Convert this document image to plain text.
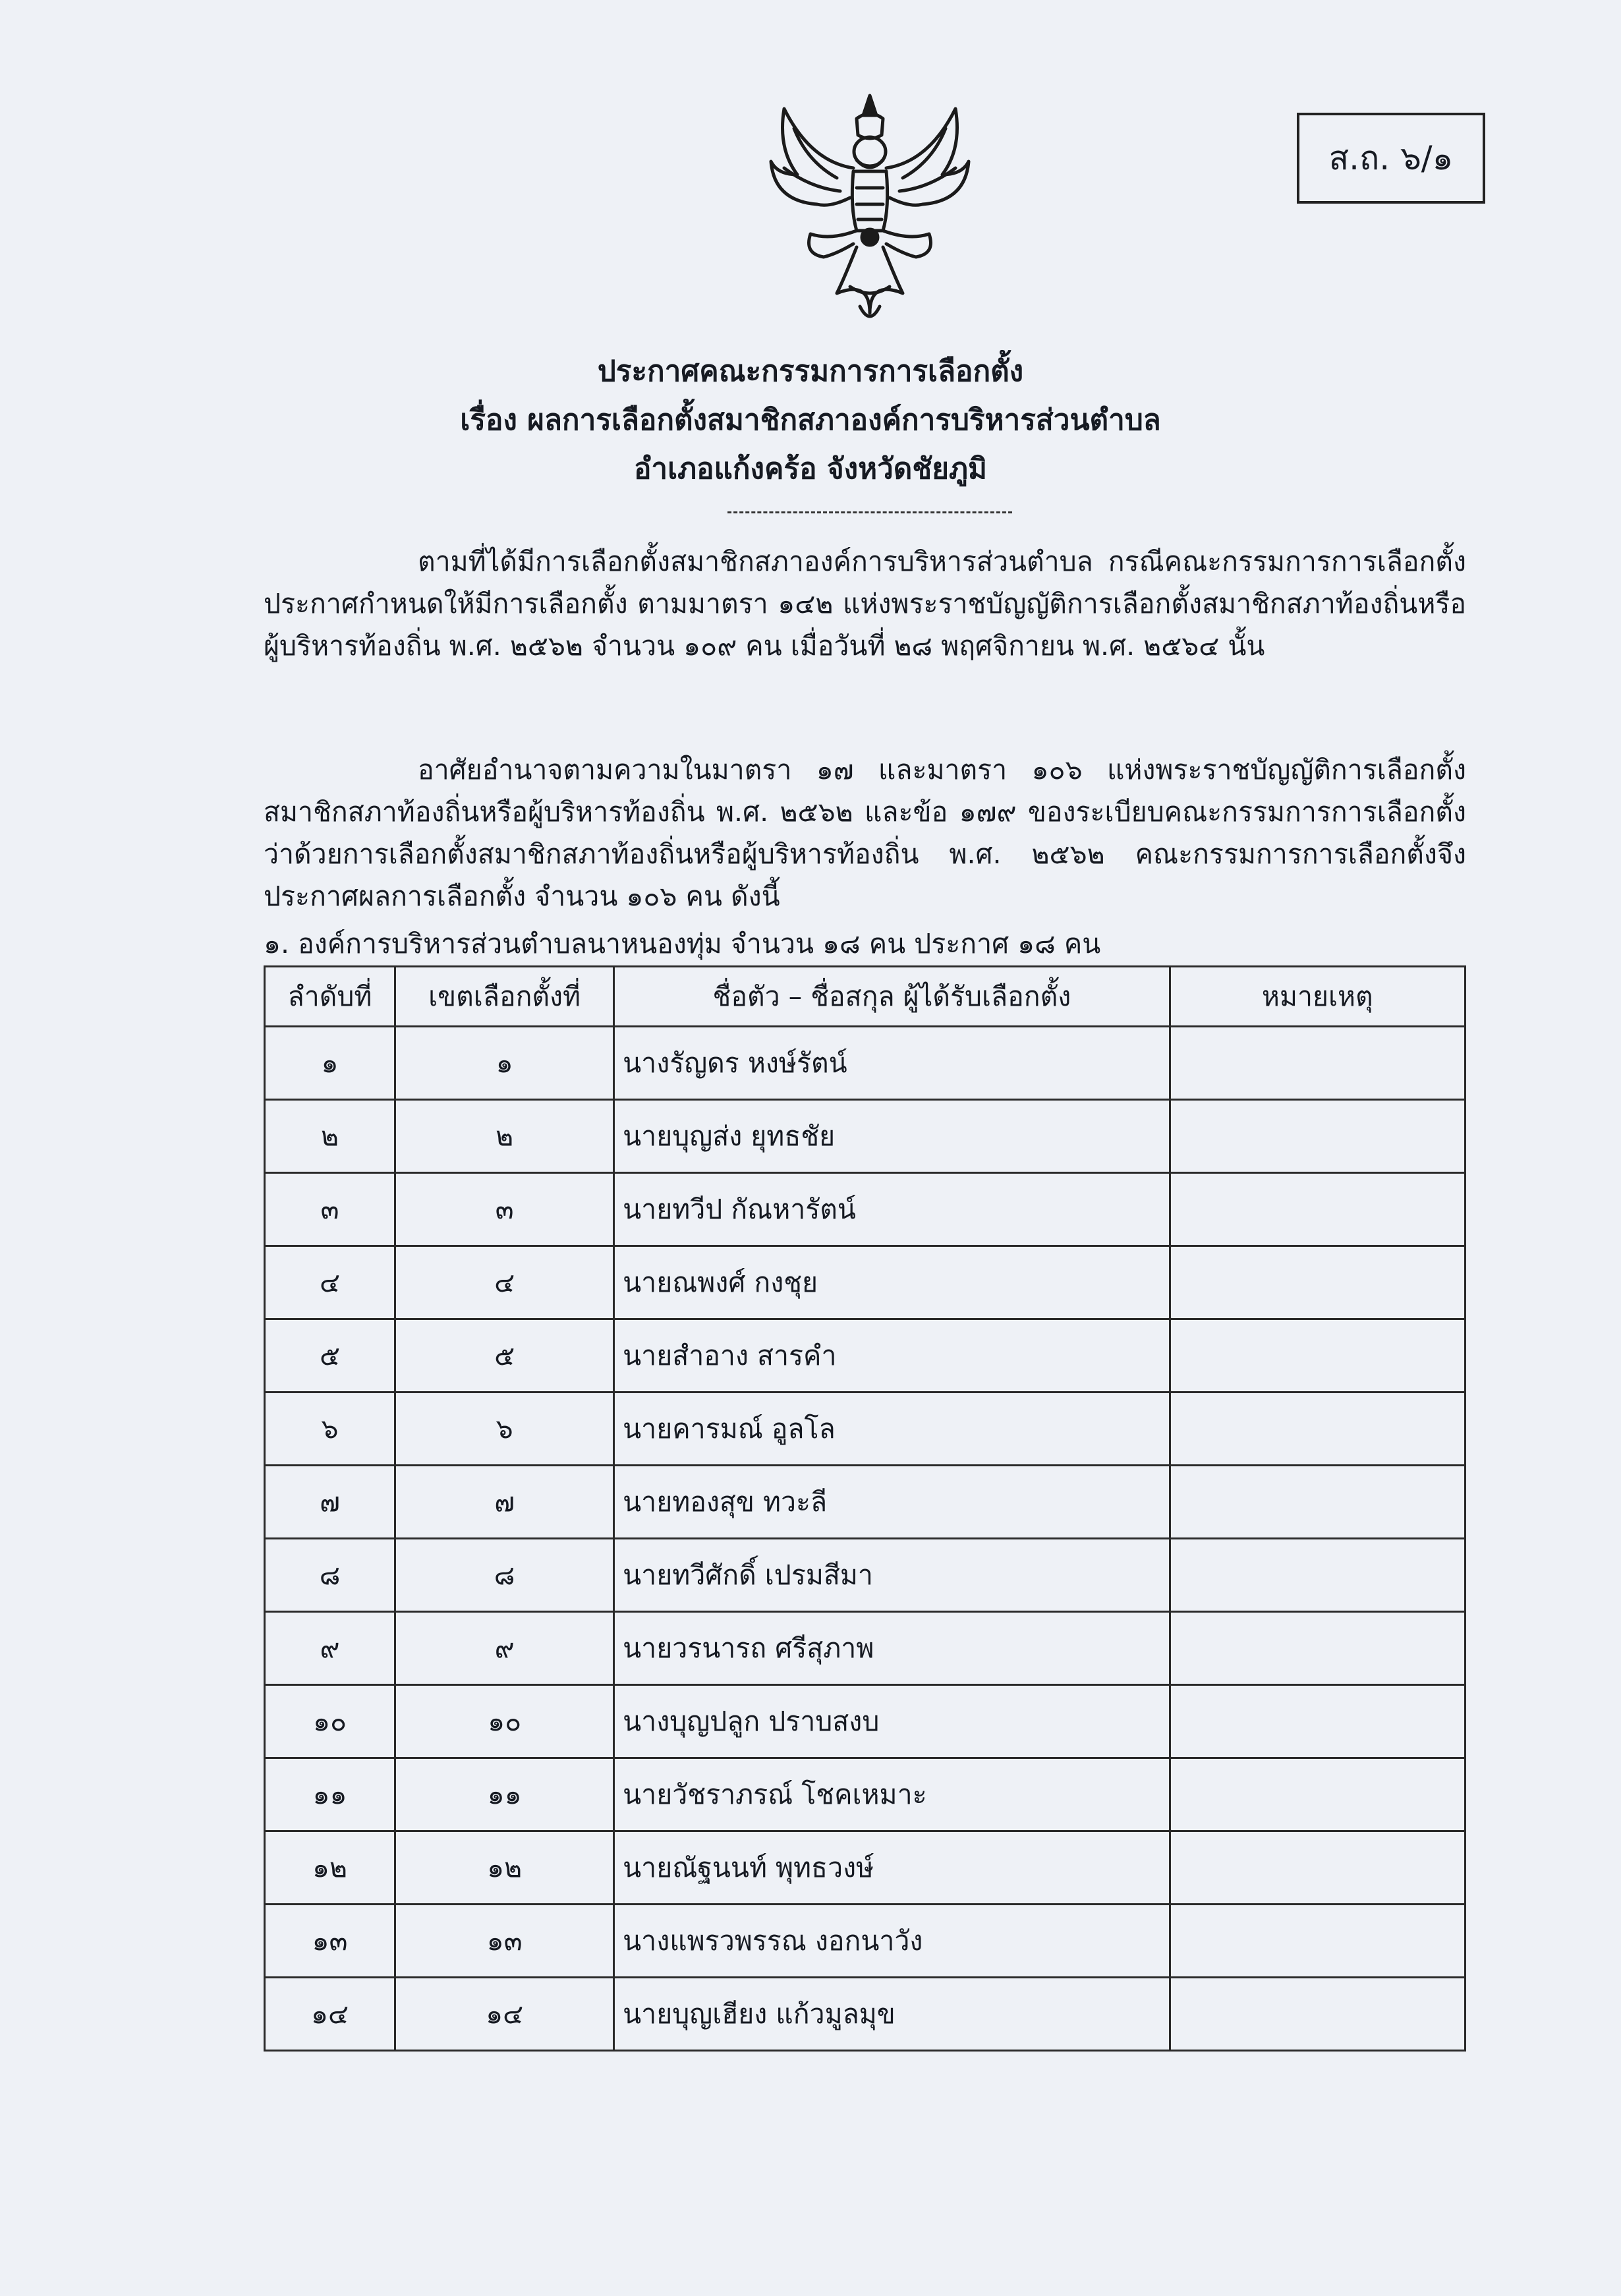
ส.ถ. ๖/๑
ประกาศคณะกรรมการการเลือกตั้ง
เรื่อง ผลการเลือกตั้งสมาชิกสภาองค์การบริหารส่วนตำบล
อำเภอแก้งคร้อ จังหวัดชัยภูมิ
ตามที่ได้มีการเลือกตั้งสมาชิกสภาองค์การบริหารส่วนตำบล กรณีคณะกรรมการการเลือกตั้งประกาศกำหนดให้มีการเลือกตั้ง ตามมาตรา ๑๔๒ แห่งพระราชบัญญัติการเลือกตั้งสมาชิกสภาท้องถิ่นหรือผู้บริหารท้องถิ่น พ.ศ. ๒๕๖๒ จำนวน ๑๐๙ คน เมื่อวันที่ ๒๘ พฤศจิกายน พ.ศ. ๒๕๖๔ นั้น
อาศัยอำนาจตามความในมาตรา ๑๗ และมาตรา ๑๐๖ แห่งพระราชบัญญัติการเลือกตั้งสมาชิกสภาท้องถิ่นหรือผู้บริหารท้องถิ่น พ.ศ. ๒๕๖๒ และข้อ ๑๗๙ ของระเบียบคณะกรรมการการเลือกตั้งว่าด้วยการเลือกตั้งสมาชิกสภาท้องถิ่นหรือผู้บริหารท้องถิ่น พ.ศ. ๒๕๖๒ คณะกรรมการการเลือกตั้งจึงประกาศผลการเลือกตั้ง จำนวน ๑๐๖ คน ดังนี้
๑. องค์การบริหารส่วนตำบลนาหนองทุ่ม จำนวน ๑๘ คน ประกาศ ๑๘ คน
ลำดับที่	เขตเลือกตั้งที่	ชื่อตัว – ชื่อสกุล ผู้ได้รับเลือกตั้ง	หมายเหตุ
๑	๑	นางรัญดร หงษ์รัตน์	
๒	๒	นายบุญส่ง ยุทธชัย	
๓	๓	นายทวีป กัณหารัตน์	
๔	๔	นายณพงศ์ กงชุย	
๕	๕	นายสำอาง สารคำ	
๖	๖	นายคารมณ์ อูลโล	
๗	๗	นายทองสุข ทวะลี	
๘	๘	นายทวีศักดิ์ เปรมสีมา	
๙	๙	นายวรนารถ ศรีสุภาพ	
๑๐	๑๐	นางบุญปลูก ปราบสงบ	
๑๑	๑๑	นายวัชราภรณ์ โชคเหมาะ	
๑๒	๑๒	นายณัฐนนท์ พุทธวงษ์	
๑๓	๑๓	นางแพรวพรรณ งอกนาวัง	
๑๔	๑๔	นายบุญเฮียง แก้วมูลมุข	
